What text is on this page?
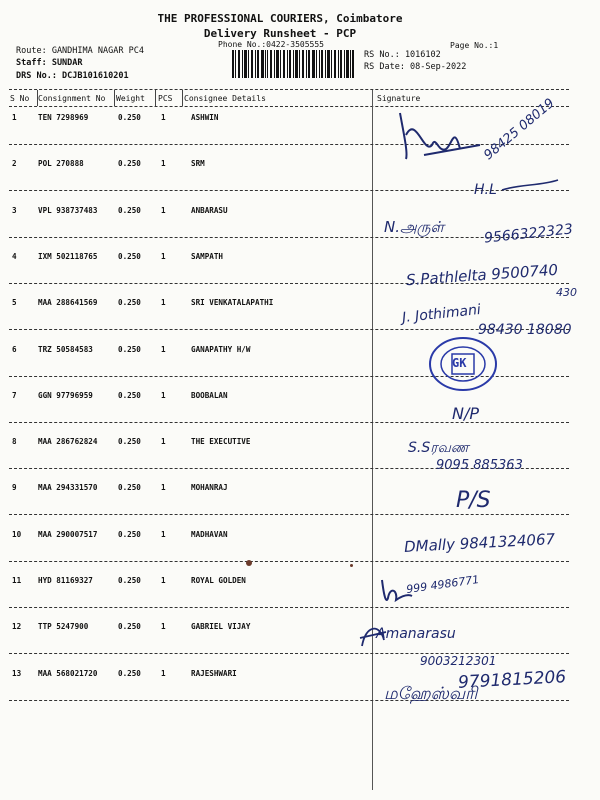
THE PROFESSIONAL COURIERS, Coimbatore
Delivery Runsheet - PCP
Phone No.:0422-3505555	Page No.:1
Route: GANDHIMA NAGAR PC4
Staff: SUNDAR
DRS No.: DCJB101610201
RS No.: 1016102
RS Date: 08-Sep-2022
S No Consignment No Weight PCS Consignee Details	Signature
1	TEN 7298969	0.250	1	ASHWIN
2	POL 270888	0.250	1	SRM
3	VPL 938737483	0.250	1	ANBARASU
4	IXM 502118765	0.250	1	SAMPATH
5	MAA 288641569	0.250	1	SRI VENKATALAPATHI
6	TRZ 50584583	0.250	1	GANAPATHY H/W
7	GGN 97796959	0.250	1	BOOBALAN
8	MAA 286762824	0.250	1	THE EXECUTIVE
9	MAA 294331570	0.250	1	MOHANRAJ
10 MAA 290007517	0.250	1	MADHAVAN
11 HYD 81169327	0.250	1	ROYAL GOLDEN
12 TTP 5247900	0.250	1	GABRIEL VIJAY
13 MAA 568021720	0.250	1	RAJESHWARI
98425 08019
H.L
N.அருள்	9566322323
S.Pathlelta 9500740
430
J. Jothimani
98430 18080
GK
N/P
S.Sரவண
9095 885363
P/S
DMally 9841324067
999 4986771
Amanarasu
9003212301
9791815206
மஹேஸ்வரி
